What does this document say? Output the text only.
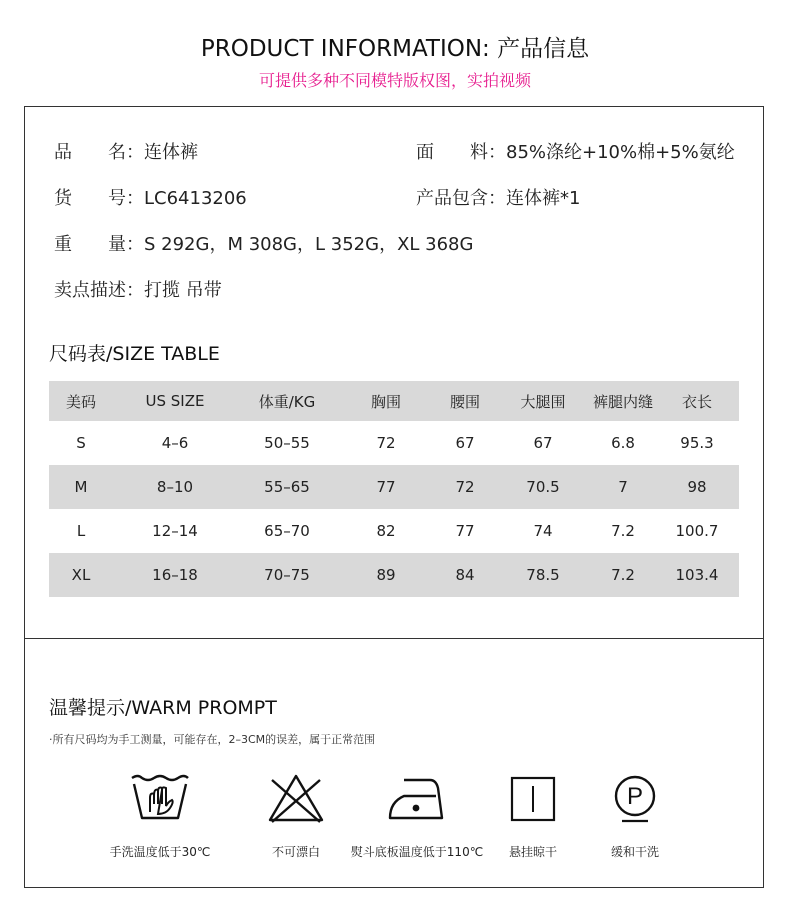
PRODUCT INFORMATION: 产品信息
可提供多种不同模特版权图，实拍视频
品　　名：连体裤	面　　料：85%涤纶+10%棉+5%氨纶
货　　号：LC6413206	产品包含：连体裤*1
重　　量：S 292G，M 308G，L 352G，XL 368G
卖点描述：打揽 吊带
尺码表/SIZE TABLE
美码	US SIZE	体重/KG	胸围	腰围	大腿围	裤腿内缝	衣长
S	4–6	50–55	72	67	67	6.8	95.3
M	8–10	55–65	77	72	70.5	7	98
L	12–14	65–70	82	77	74	7.2	100.7
XL	16–18	70–75	89	84	78.5	7.2	103.4
温馨提示/WARM PROMPT
·所有尺码均为手工测量，可能存在，2–3CM的误差，属于正常范围
P
手洗温度低于30℃	不可漂白	熨斗底板温度低于110℃	悬挂晾干	缓和干洗
